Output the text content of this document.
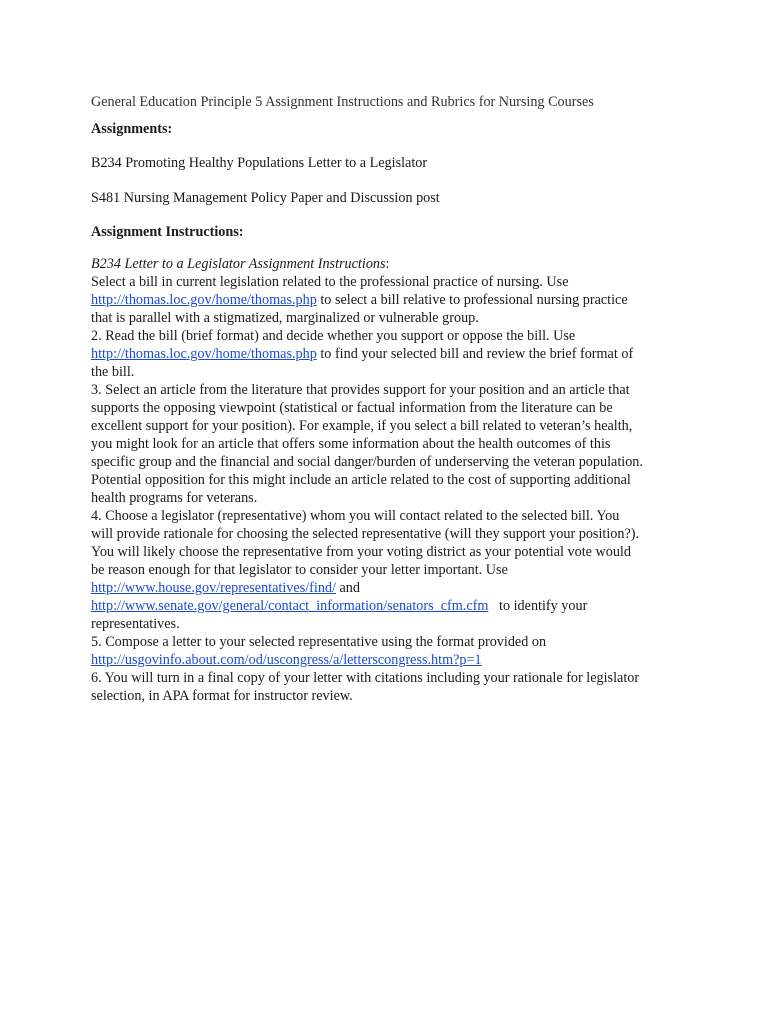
General Education Principle 5 Assignment Instructions and Rubrics for Nursing Courses
Assignments:
B234 Promoting Healthy Populations Letter to a Legislator
S481 Nursing Management Policy Paper and Discussion post
Assignment Instructions:
B234 Letter to a Legislator Assignment Instructions:
Select a bill in current legislation related to the professional practice of nursing. Use
http://thomas.loc.gov/home/thomas.php to select a bill relative to professional nursing practice
that is parallel with a stigmatized, marginalized or vulnerable group.
2. Read the bill (brief format) and decide whether you support or oppose the bill. Use
http://thomas.loc.gov/home/thomas.php to find your selected bill and review the brief format of
the bill.
3. Select an article from the literature that provides support for your position and an article that
supports the opposing viewpoint (statistical or factual information from the literature can be
excellent support for your position). For example, if you select a bill related to veteran’s health,
you might look for an article that offers some information about the health outcomes of this
specific group and the financial and social danger/burden of underserving the veteran population.
Potential opposition for this might include an article related to the cost of supporting additional
health programs for veterans.
4. Choose a legislator (representative) whom you will contact related to the selected bill. You
will provide rationale for choosing the selected representative (will they support your position?).
You will likely choose the representative from your voting district as your potential vote would
be reason enough for that legislator to consider your letter important. Use
http://www.house.gov/representatives/find/ and
http://www.senate.gov/general/contact_information/senators_cfm.cfm   to identify your
representatives.
5. Compose a letter to your selected representative using the format provided on
http://usgovinfo.about.com/od/uscongress/a/letterscongress.htm?p=1
6. You will turn in a final copy of your letter with citations including your rationale for legislator
selection, in APA format for instructor review.
